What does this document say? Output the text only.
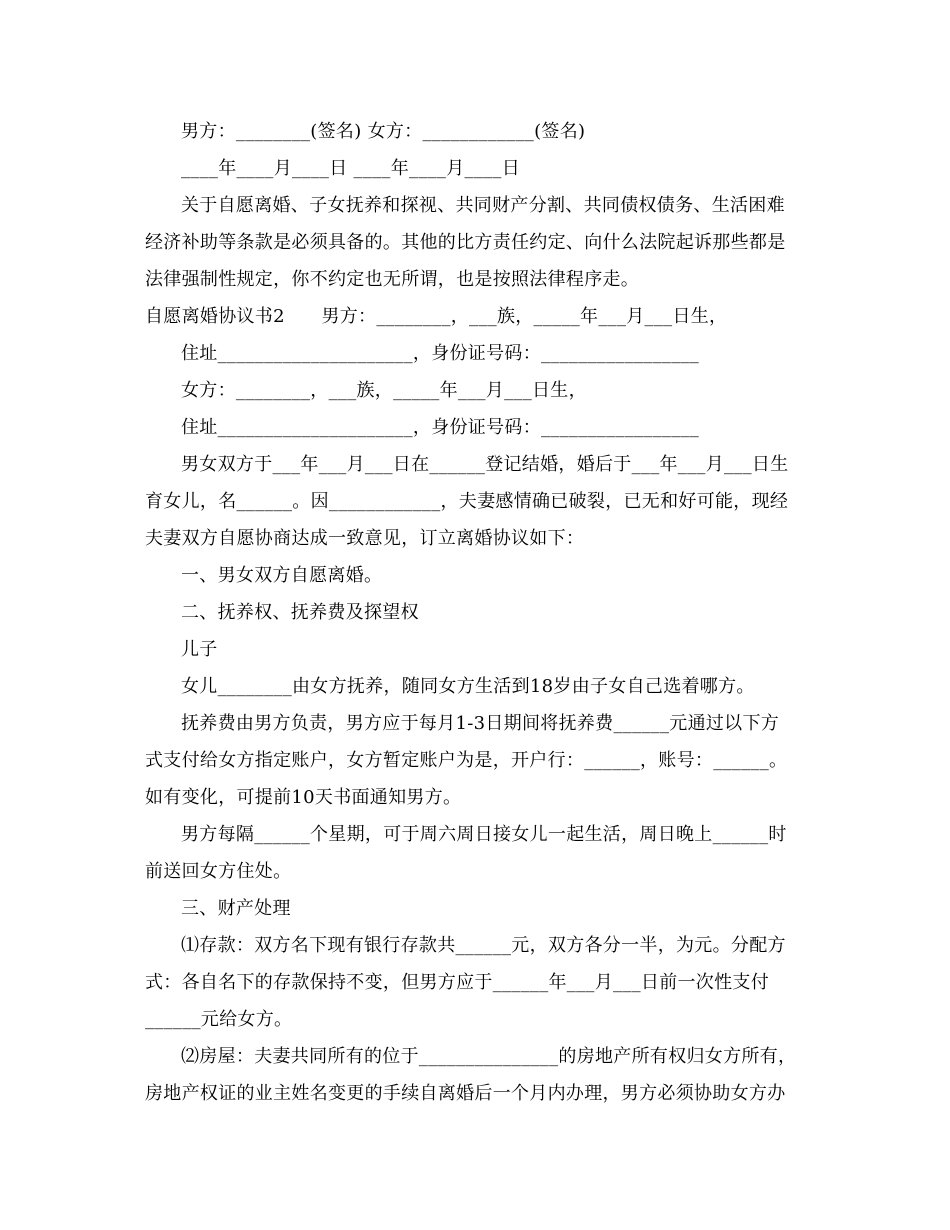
男方：________(签名) 女方：____________(签名)
____年____月____日 ____年____月____日
关于自愿离婚、子女抚养和探视、共同财产分割、共同债权债务、生活困难
经济补助等条款是必须具备的。其他的比方责任约定、向什么法院起诉那些都是
法律强制性规定，你不约定也无所谓，也是按照法律程序走。
自愿离婚协议书2　　男方：________，___族，_____年___月___日生，
住址_____________________，身份证号码：_________________
女方：________，___族，_____年___月___日生，
住址_____________________，身份证号码：_________________
男女双方于___年___月___日在______登记结婚，婚后于___年___月___日生
育女儿，名______。因____________，夫妻感情确已破裂，已无和好可能，现经
夫妻双方自愿协商达成一致意见，订立离婚协议如下：
一、男女双方自愿离婚。
二、抚养权、抚养费及探望权
儿子
女儿________由女方抚养，随同女方生活到18岁由子女自己选着哪方。
抚养费由男方负责，男方应于每月1-3日期间将抚养费______元通过以下方
式支付给女方指定账户，女方暂定账户为是，开户行：______，账号：______。
如有变化，可提前10天书面通知男方。
男方每隔______个星期，可于周六周日接女儿一起生活，周日晚上______时
前送回女方住处。
三、财产处理
⑴存款：双方名下现有银行存款共______元，双方各分一半，为元。分配方
式：各自名下的存款保持不变，但男方应于______年___月___日前一次性支付
______元给女方。
⑵房屋：夫妻共同所有的位于_______________的房地产所有权归女方所有，
房地产权证的业主姓名变更的手续自离婚后一个月内办理，男方必须协助女方办
